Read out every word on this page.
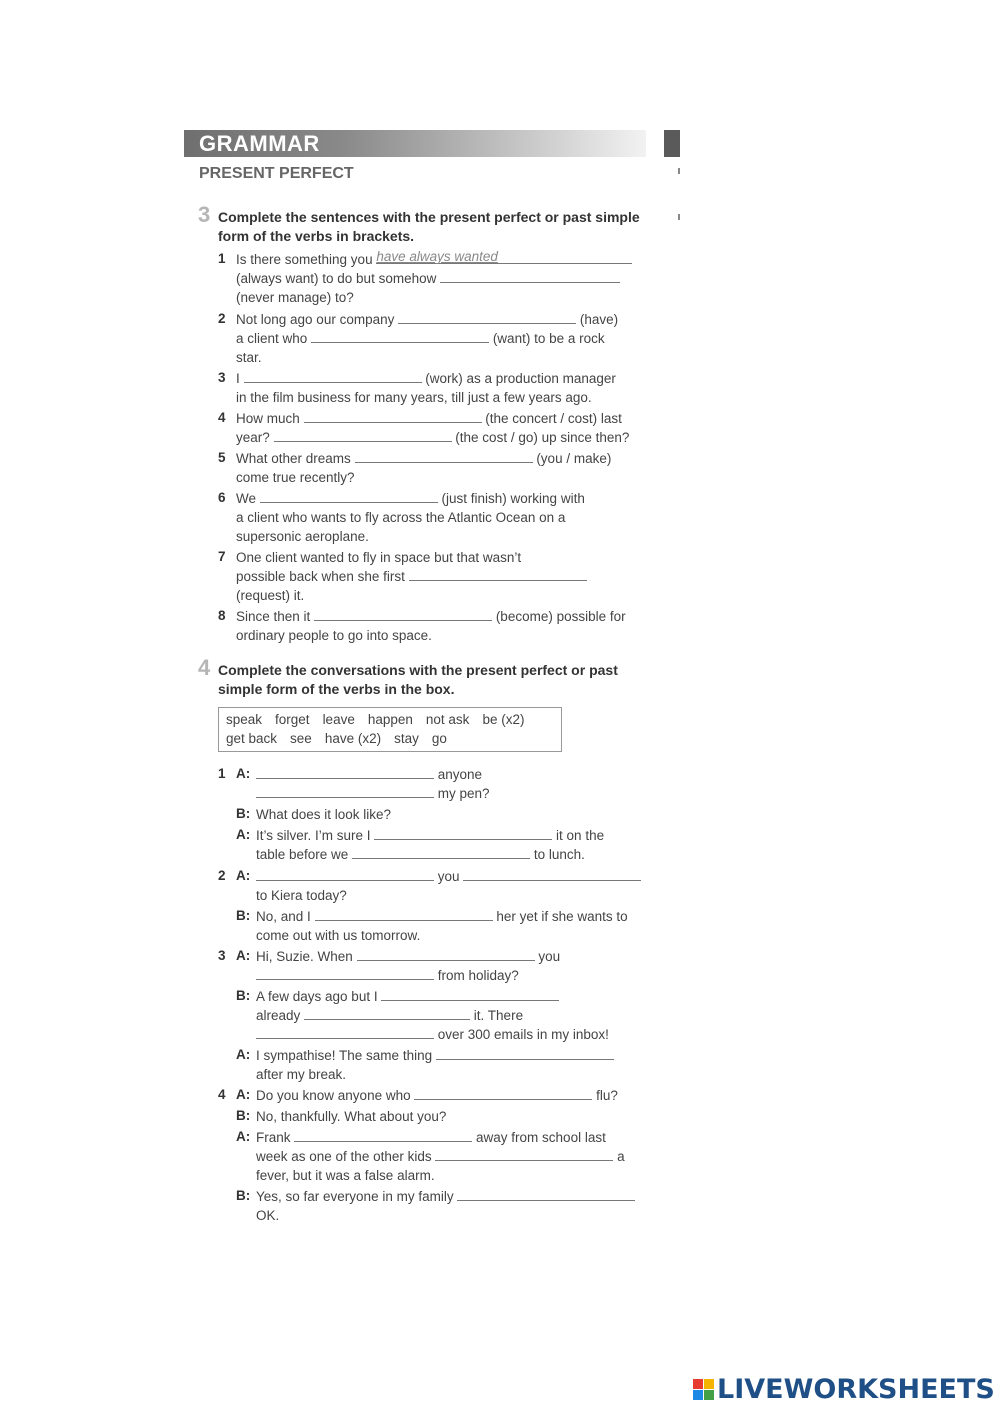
GRAMMAR
PRESENT PERFECT
3 Complete the sentences with the present perfect or past simple form of the verbs in brackets.
1 Is there something you have always wanted
(always want) to do but somehow
(never manage) to?
2 Not long ago our company	(have)
a client who	(want) to be a rock
star.
3 I	(work) as a production manager
in the film business for many years, till just a few years ago.
4 How much	(the concert / cost) last
year?	(the cost / go) up since then?
5 What other dreams	(you / make)
come true recently?
6 We	(just finish) working with
a client who wants to fly across the Atlantic Ocean on a
supersonic aeroplane.
7 One client wanted to fly in space but that wasn’t
possible back when she first
(request) it.
8 Since then it	(become) possible for
ordinary people to go into space.
4 Complete the conversations with the present perfect or past simple form of the verbs in the box.
speak forget leave happen not ask be (x2)
get back see have (x2) stay go
1 A:	anyone
my pen?
B: What does it look like?
A: It’s silver. I’m sure I	it on the
table before we	to lunch.
2 A:	you
to Kiera today?
B: No, and I	her yet if she wants to
come out with us tomorrow.
3 A: Hi, Suzie. When	you
from holiday?
B: A few days ago but I
already	it. There
over 300 emails in my inbox!
A: I sympathise! The same thing
after my break.
4 A: Do you know anyone who	flu?
B: No, thankfully. What about you?
A: Frank	away from school last
week as one of the other kids	a
fever, but it was a false alarm.
B: Yes, so far everyone in my family
OK.
LIVEWORKSHEETS
